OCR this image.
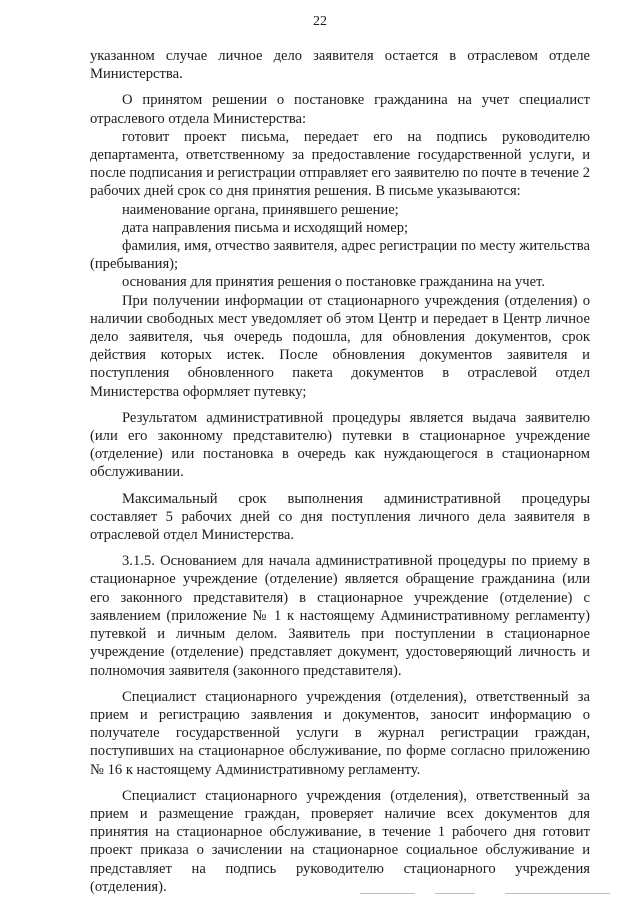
22

указанном случае личное дело заявителя остается в отраслевом отделе Министерства.

О принятом решении о постановке гражданина на учет специалист отраслевого отдела Министерства:

готовит проект письма, передает его на подпись руководителю департамента, ответственному за предоставление государственной услуги, и после подписания и регистрации отправляет его заявителю по почте в течение 2 рабочих дней срок со дня принятия решения. В письме указываются:

наименование органа, принявшего решение;

дата направления письма и исходящий номер;

фамилия, имя, отчество заявителя, адрес регистрации по месту жительства (пребывания);

основания для принятия решения о постановке гражданина на учет.

При получении информации от стационарного учреждения (отделения) о наличии свободных мест уведомляет об этом Центр и передает в Центр личное дело заявителя, чья очередь подошла, для обновления документов, срок действия которых истек. После обновления документов заявителя и поступления обновленного пакета документов в отраслевой отдел Министерства оформляет путевку;

Результатом административной процедуры является выдача заявителю (или его законному представителю) путевки в стационарное учреждение (отделение) или постановка в очередь как нуждающегося в стационарном обслуживании.

Максимальный срок выполнения административной процедуры составляет 5 рабочих дней со дня поступления личного дела заявителя в отраслевой отдел Министерства.

3.1.5. Основанием для начала административной процедуры по приему в стационарное учреждение (отделение) является обращение гражданина (или его законного представителя) в стационарное учреждение (отделение) с заявлением (приложение № 1 к настоящему Административному регламенту) путевкой и личным делом. Заявитель при поступлении в стационарное учреждение (отделение) представляет документ, удостоверяющий личность и полномочия заявителя (законного представителя).

Специалист стационарного учреждения (отделения), ответственный за прием и регистрацию заявления и документов, заносит информацию о получателе государственной услуги в журнал регистрации граждан, поступивших на стационарное обслуживание, по форме согласно приложению № 16 к настоящему Административному регламенту.

Специалист стационарного учреждения (отделения), ответственный за прием и размещение граждан, проверяет наличие всех документов для принятия на стационарное обслуживание, в течение 1 рабочего дня готовит проект приказа о зачислении на стационарное социальное обслуживание и представляет на подпись руководителю стационарного учреждения (отделения).
